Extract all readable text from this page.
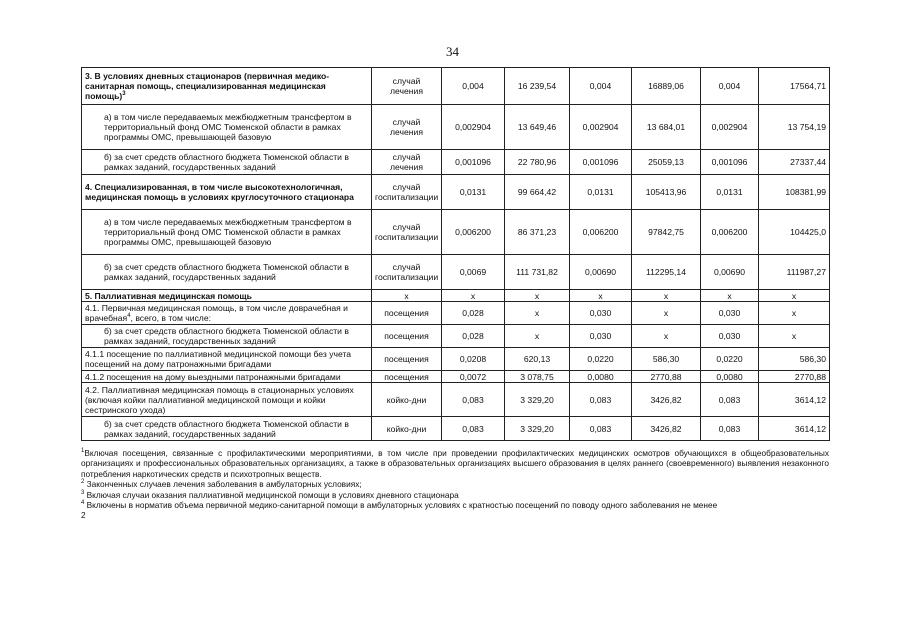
34
3. В условиях дневных стационаров (первичная медико-санитарная помощь, специализированная медицинская помощь)$^3$	случай лечения	0,004	16 239,54	0,004	16889,06	0,004	17564,71
а) в том числе передаваемых межбюджетным трансфертом в территориальный фонд ОМС Тюменской области в рамках программы ОМС, превышающей базовую	случай лечения	0,002904	13 649,46	0,002904	13 684,01	0,002904	13 754,19
б) за счет средств областного бюджета Тюменской области в рамках заданий, государственных заданий	случай лечения	0,001096	22 780,96	0,001096	25059,13	0,001096	27337,44
4. Специализированная, в том числе высокотехнологичная, медицинская помощь в условиях круглосуточного стационара	случай госпитализации	0,0131	99 664,42	0,0131	105413,96	0,0131	108381,99
а) в том числе передаваемых межбюджетным трансфертом в территориальный фонд ОМС Тюменской области в рамках программы ОМС, превышающей базовую	случай госпитализации	0,006200	86 371,23	0,006200	97842,75	0,006200	104425,0
б) за счет средств областного бюджета Тюменской области в рамках заданий, государственных заданий	случай госпитализации	0,0069	111 731,82	0,00690	112295,14	0,00690	111987,27
5. Паллиативная медицинская помощь	х	х	х	х	х	х	х
4.1. Первичная медицинская помощь, в том числе доврачебная и врачебная$^4$, всего, в том числе:	посещения	0,028	х	0,030	х	0,030	х
б) за счет средств областного бюджета Тюменской области в рамках заданий, государственных заданий	посещения	0,028	х	0,030	х	0,030	х
4.1.1 посещение по паллиативной медицинской помощи без учета посещений на дому патронажными бригадами	посещения	0,0208	620,13	0,0220	586,30	0,0220	586,30
4.1.2 посещения на дому выездными патронажными бригадами	посещения	0,0072	3 078,75	0,0080	2770,88	0,0080	2770,88
4.2. Паллиативная медицинская помощь в стационарных условиях (включая койки паллиативной медицинской помощи и койки сестринского ухода)	койко-дни	0,083	3 329,20	0,083	3426,82	0,083	3614,12
б) за счет средств областного бюджета Тюменской области в рамках заданий, государственных заданий	койко-дни	0,083	3 329,20	0,083	3426,82	0,083	3614,12

$^1$Включая посещения, связанные с профилактическими мероприятиями, в том числе при проведении профилактических медицинских осмотров обучающихся в общеобразовательных организациях и профессиональных образовательных организациях, а также в образовательных организациях высшего образования в целях раннего (своевременного) выявления незаконного потребления наркотических средств и психотропных веществ.

$^2$ Законченных случаев лечения заболевания в амбулаторных условиях;

$^3$ Включая случаи оказания паллиативной медицинской помощи в условиях дневного стационара

$^4$ Включены в норматив объема первичной медико-санитарной помощи в амбулаторных условиях с кратностью посещений по поводу одного заболевания не менее

2
